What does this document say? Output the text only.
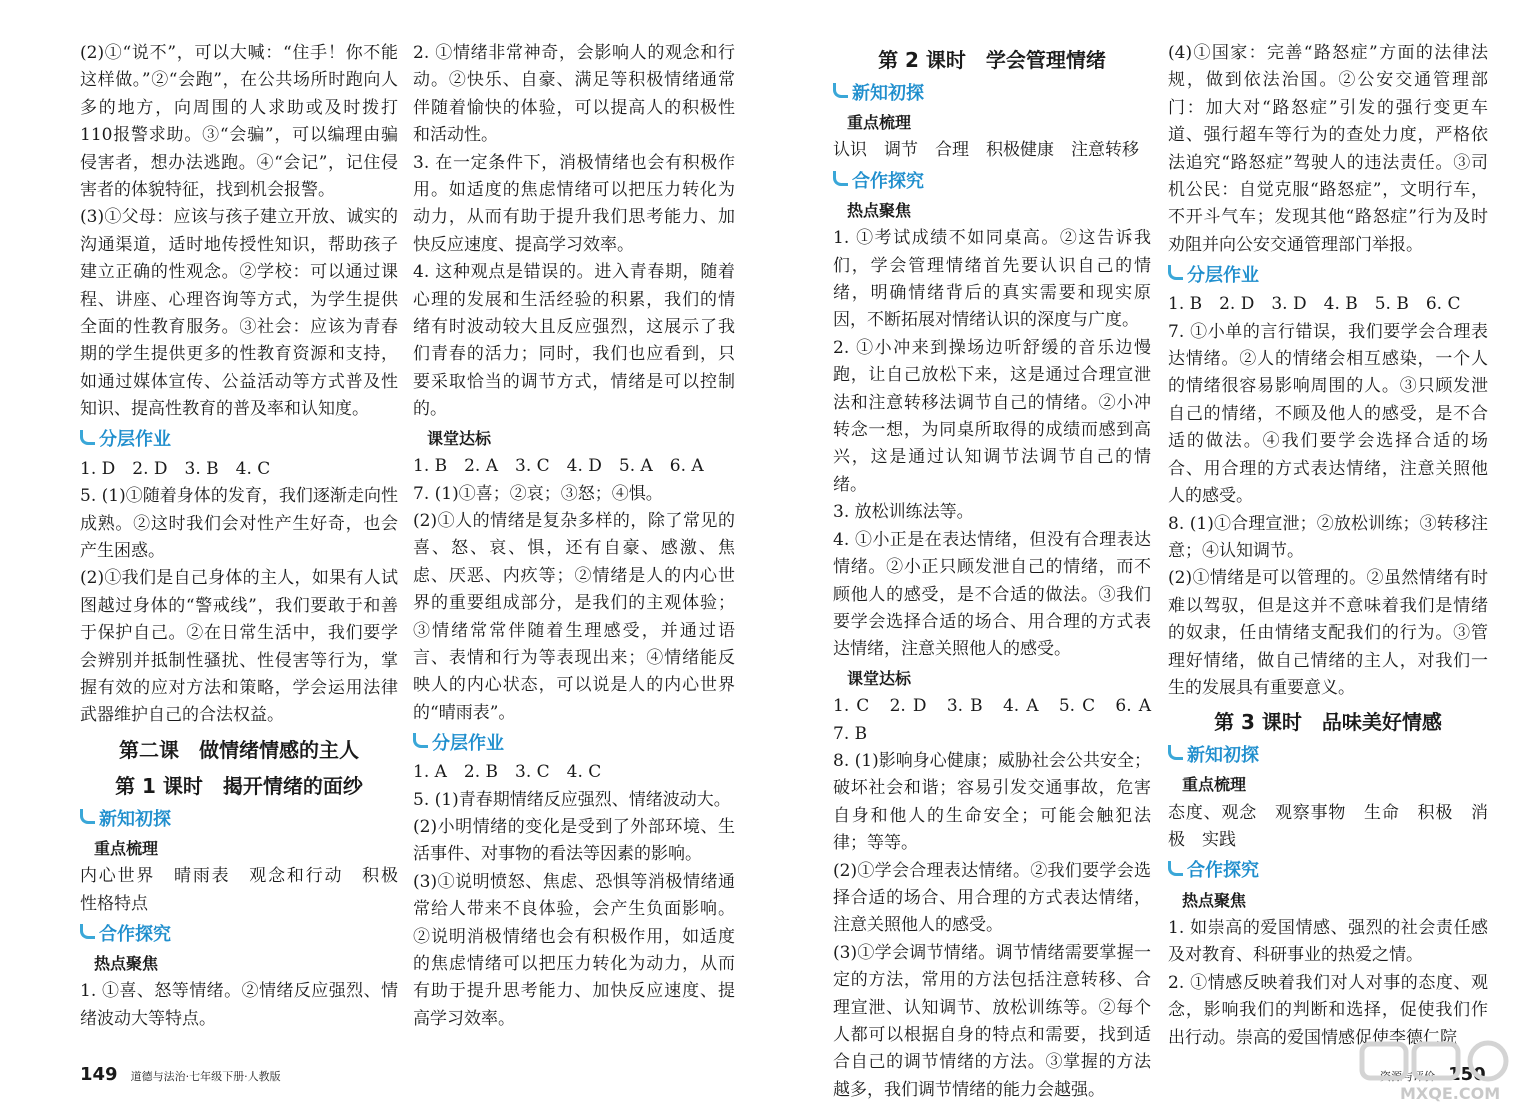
(2)①“说不”，可以大喊：“住手！你不能这样做。”②“会跑”，在公共场所时跑向人多的地方，向周围的人求助或及时拨打110报警求助。③“会骗”，可以编理由骗侵害者，想办法逃跑。④“会记”，记住侵害者的体貌特征，找到机会报警。

(3)①父母：应该与孩子建立开放、诚实的沟通渠道，适时地传授性知识，帮助孩子建立正确的性观念。②学校：可以通过课程、讲座、心理咨询等方式，为学生提供全面的性教育服务。③社会：应该为青春期的学生提供更多的性教育资源和支持，如通过媒体宣传、公益活动等方式普及性知识、提高性教育的普及率和认知度。

分层作业

1. D　2. D　3. B　4. C

5. (1)①随着身体的发育，我们逐渐走向性成熟。②这时我们会对性产生好奇，也会产生困惑。

(2)①我们是自己身体的主人，如果有人试图越过身体的“警戒线”，我们要敢于和善于保护自己。②在日常生活中，我们要学会辨别并抵制性骚扰、性侵害等行为，掌握有效的应对方法和策略，学会运用法律武器维护自己的合法权益。

第二课　做情绪情感的主人
第 1 课时　揭开情绪的面纱
新知初探
重点梳理

内心世界　晴雨表　观念和行动　积极　性格特点

合作探究
热点聚焦

1. ①喜、怒等情绪。②情绪反应强烈、情绪波动大等特点。

2. ①情绪非常神奇，会影响人的观念和行动。②快乐、自豪、满足等积极情绪通常伴随着愉快的体验，可以提高人的积极性和活动性。

3. 在一定条件下，消极情绪也会有积极作用。如适度的焦虑情绪可以把压力转化为动力，从而有助于提升我们思考能力、加快反应速度、提高学习效率。

4. 这种观点是错误的。进入青春期，随着心理的发展和生活经验的积累，我们的情绪有时波动较大且反应强烈，这展示了我们青春的活力；同时，我们也应看到，只要采取恰当的调节方式，情绪是可以控制的。

课堂达标

1. B　2. A　3. C　4. D　5. A　6. A

7. (1)①喜；②哀；③怒；④惧。

(2)①人的情绪是复杂多样的，除了常见的喜、怒、哀、惧，还有自豪、感激、焦虑、厌恶、内疚等；②情绪是人的内心世界的重要组成部分，是我们的主观体验；③情绪常常伴随着生理感受，并通过语言、表情和行为等表现出来；④情绪能反映人的内心状态，可以说是人的内心世界的“晴雨表”。

分层作业

1. A　2. B　3. C　4. C

5. (1)青春期情绪反应强烈、情绪波动大。

(2)小明情绪的变化是受到了外部环境、生活事件、对事物的看法等因素的影响。

(3)①说明愤怒、焦虑、恐惧等消极情绪通常给人带来不良体验，会产生负面影响。②说明消极情绪也会有积极作用，如适度的焦虑情绪可以把压力转化为动力，从而有助于提升思考能力、加快反应速度、提高学习效率。

第 2 课时　学会管理情绪
新知初探
重点梳理

认识　调节　合理　积极健康　注意转移

合作探究
热点聚焦

1. ①考试成绩不如同桌高。②这告诉我们，学会管理情绪首先要认识自己的情绪，明确情绪背后的真实需要和现实原因，不断拓展对情绪认识的深度与广度。

2. ①小冲来到操场边听舒缓的音乐边慢跑，让自己放松下来，这是通过合理宣泄法和注意转移法调节自己的情绪。②小冲转念一想，为同桌所取得的成绩而感到高兴，这是通过认知调节法调节自己的情绪。

3. 放松训练法等。

4. ①小正是在表达情绪，但没有合理表达情绪。②小正只顾发泄自己的情绪，而不顾他人的感受，是不合适的做法。③我们要学会选择合适的场合、用合理的方式表达情绪，注意关照他人的感受。

课堂达标

1. C　2. D　3. B　4. A　5. C　6. A　7. B

8. (1)影响身心健康；威胁社会公共安全；破坏社会和谐；容易引发交通事故，危害自身和他人的生命安全；可能会触犯法律；等等。

(2)①学会合理表达情绪。②我们要学会选择合适的场合、用合理的方式表达情绪，注意关照他人的感受。

(3)①学会调节情绪。调节情绪需要掌握一定的方法，常用的方法包括注意转移、合理宣泄、认知调节、放松训练等。②每个人都可以根据自身的特点和需要，找到适合自己的调节情绪的方法。③掌握的方法越多，我们调节情绪的能力会越强。

(4)①国家：完善“路怒症”方面的法律法规，做到依法治国。②公安交通管理部门：加大对“路怒症”引发的强行变更车道、强行超车等行为的查处力度，严格依法追究“路怒症”驾驶人的违法责任。③司机公民：自觉克服“路怒症”，文明行车，不开斗气车；发现其他“路怒症”行为及时劝阻并向公安交通管理部门举报。

分层作业

1. B　2. D　3. D　4. B　5. B　6. C

7. ①小单的言行错误，我们要学会合理表达情绪。②人的情绪会相互感染，一个人的情绪很容易影响周围的人。③只顾发泄自己的情绪，不顾及他人的感受，是不合适的做法。④我们要学会选择合适的场合、用合理的方式表达情绪，注意关照他人的感受。

8. (1)①合理宣泄；②放松训练；③转移注意；④认知调节。

(2)①情绪是可以管理的。②虽然情绪有时难以驾驭，但是这并不意味着我们是情绪的奴隶，任由情绪支配我们的行为。③管理好情绪，做自己情绪的主人，对我们一生的发展具有重要意义。

第 3 课时　品味美好情感
新知初探
重点梳理

态度、观念　观察事物　生命　积极　消极　实践

合作探究
热点聚焦

1. 如崇高的爱国情感、强烈的社会责任感及对教育、科研事业的热爱之情。

2. ①情感反映着我们对人对事的态度、观念，影响我们的判断和选择，促使我们作出行动。崇高的爱国情感促使李德仁院

149 道德与法治·七年级下册·人教版	资源与评价 150
MXQE.COM
